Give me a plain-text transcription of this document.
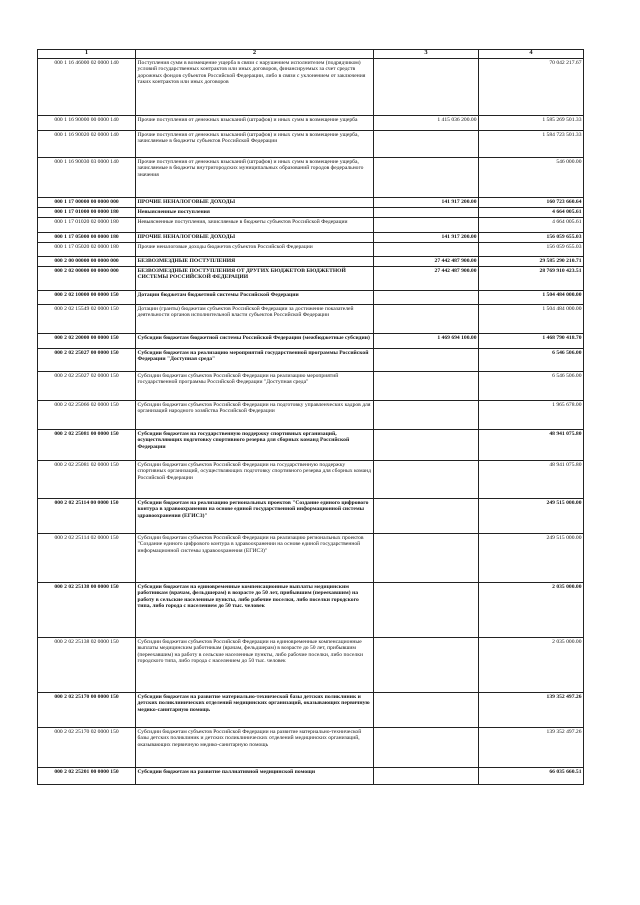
1	2	3	4
000 1 16 46000 02 0000 140	Поступления сумм в возмещение ущерба в связи с нарушением исполнителем (подрядчиком) условий государственных контрактов или иных договоров, финансируемых за счет средств дорожных фондов субъектов Российской Федерации, либо в связи с уклонением от заключения таких контрактов или иных договоров		70 042 217.67
000 1 16 90000 00 0000 140	Прочие поступления от денежных взысканий (штрафов) и иных сумм в возмещение ущерба	1 415 036 200.00	1 585 269 501.33
000 1 16 90020 02 0000 140	Прочие поступления от денежных взысканий (штрафов) и иных сумм в возмещение ущерба, зачисляемые в бюджеты субъектов Российской Федерации		1 584 723 501.33
000 1 16 90030 03 0000 140	Прочие поступления от денежных взысканий (штрафов) и иных сумм в возмещение ущерба, зачисляемые в бюджеты внутригородских муниципальных образований городов федерального значения		546 000.00
000 1 17 00000 00 0000 000	ПРОЧИЕ НЕНАЛОГОВЫЕ ДОХОДЫ	141 917 200.00	160 723 660.64
000 1 17 01000 00 0000 180	Невыясненные поступления		4 664 005.61
000 1 17 01020 02 0000 180	Невыясненные поступления, зачисляемые в бюджеты субъектов Российской Федерации		4 664 005.61
000 1 17 05000 00 0000 180	ПРОЧИЕ НЕНАЛОГОВЫЕ ДОХОДЫ	141 917 200.00	156 059 655.03
000 1 17 05020 02 0000 180	Прочие неналоговые доходы бюджетов субъектов Российской Федерации		156 059 655.03
000 2 00 00000 00 0000 000	БЕЗВОЗМЕЗДНЫЕ ПОСТУПЛЕНИЯ	27 442 487 900.00	29 585 290 210.71
000 2 02 00000 00 0000 000	БЕЗВОЗМЕЗДНЫЕ ПОСТУПЛЕНИЯ ОТ ДРУГИХ БЮДЖЕТОВ БЮДЖЕТНОЙ СИСТЕМЫ РОССИЙСКОЙ ФЕДЕРАЦИИ	27 442 487 900.00	28 769 910 423.51
000 2 02 10000 00 0000 150	Дотации бюджетам бюджетной системы Российской Федерации		1 504 484 000.00
000 2 02 15549 02 0000 150	Дотации (гранты) бюджетам субъектов Российской Федерации за достижение показателей деятельности органов исполнительной власти субъектов Российской Федерации		1 504 484 000.00
000 2 02 20000 00 0000 150	Субсидии бюджетам бюджетной системы Российской Федерации (межбюджетные субсидии)	1 469 694 100.00	1 468 790 418.70
000 2 02 25027 00 0000 150	Субсидии бюджетам на реализацию мероприятий государственной программы Российской Федерации "Доступная среда"		6 546 506.00
000 2 02 25027 02 0000 150	Субсидии бюджетам субъектов Российской Федерации на реализацию мероприятий государственной программы Российской Федерации "Доступная среда"		6 546 506.00
000 2 02 25066 02 0000 150	Субсидии бюджетам субъектов Российской Федерации на подготовку управленческих кадров для организаций народного хозяйства Российской Федерации		1 965 678.00
000 2 02 25081 00 0000 150	Субсидии бюджетам на государственную поддержку спортивных организаций, осуществляющих подготовку спортивного резерва для сборных команд Российской Федерации		48 941 075.80
000 2 02 25081 02 0000 150	Субсидии бюджетам субъектов Российской Федерации на государственную поддержку спортивных организаций, осуществляющих подготовку спортивного резерва для сборных команд Российской Федерации		48 941 075.80
000 2 02 25114 00 0000 150	Субсидии бюджетам на реализацию региональных проектов "Создание единого цифрового контура в здравоохранении на основе единой государственной информационной системы здравоохранения (ЕГИСЗ)"		249 515 000.00
000 2 02 25114 02 0000 150	Субсидии бюджетам субъектов Российской Федерации на реализацию региональных проектов "Создание единого цифрового контура в здравоохранении на основе единой государственной информационной системы здравоохранения (ЕГИСЗ)"		249 515 000.00
000 2 02 25138 00 0000 150	Субсидии бюджетам на единовременные компенсационные выплаты медицинским работникам (врачам, фельдшерам) в возрасте до 50 лет, прибывшим (переехавшим) на работу в сельские населенные пункты, либо рабочие поселки, либо поселки городского типа, либо города с населением до 50 тыс. человек		2 035 000.00
000 2 02 25138 02 0000 150	Субсидии бюджетам субъектов Российской Федерации на единовременные компенсационные выплаты медицинским работникам (врачам, фельдшерам) в возрасте до 50 лет, прибывшим (переехавшим) на работу в сельские населенные пункты, либо рабочие поселки, либо поселки городского типа, либо города с населением до 50 тыс. человек		2 035 000.00
000 2 02 25170 00 0000 150	Субсидии бюджетам на развитие материально-технической базы детских поликлиник и детских поликлинических отделений медицинских организаций, оказывающих первичную медико-санитарную помощь		139 352 497.26
000 2 02 25170 02 0000 150	Субсидии бюджетам субъектов Российской Федерации на развитие материально-технической базы детских поликлиник и детских поликлинических отделений медицинских организаций, оказывающих первичную медико-санитарную помощь		139 352 497.26
000 2 02 25201 00 0000 150	Субсидии бюджетам на развитие паллиативной медицинской помощи		66 035 660.51
